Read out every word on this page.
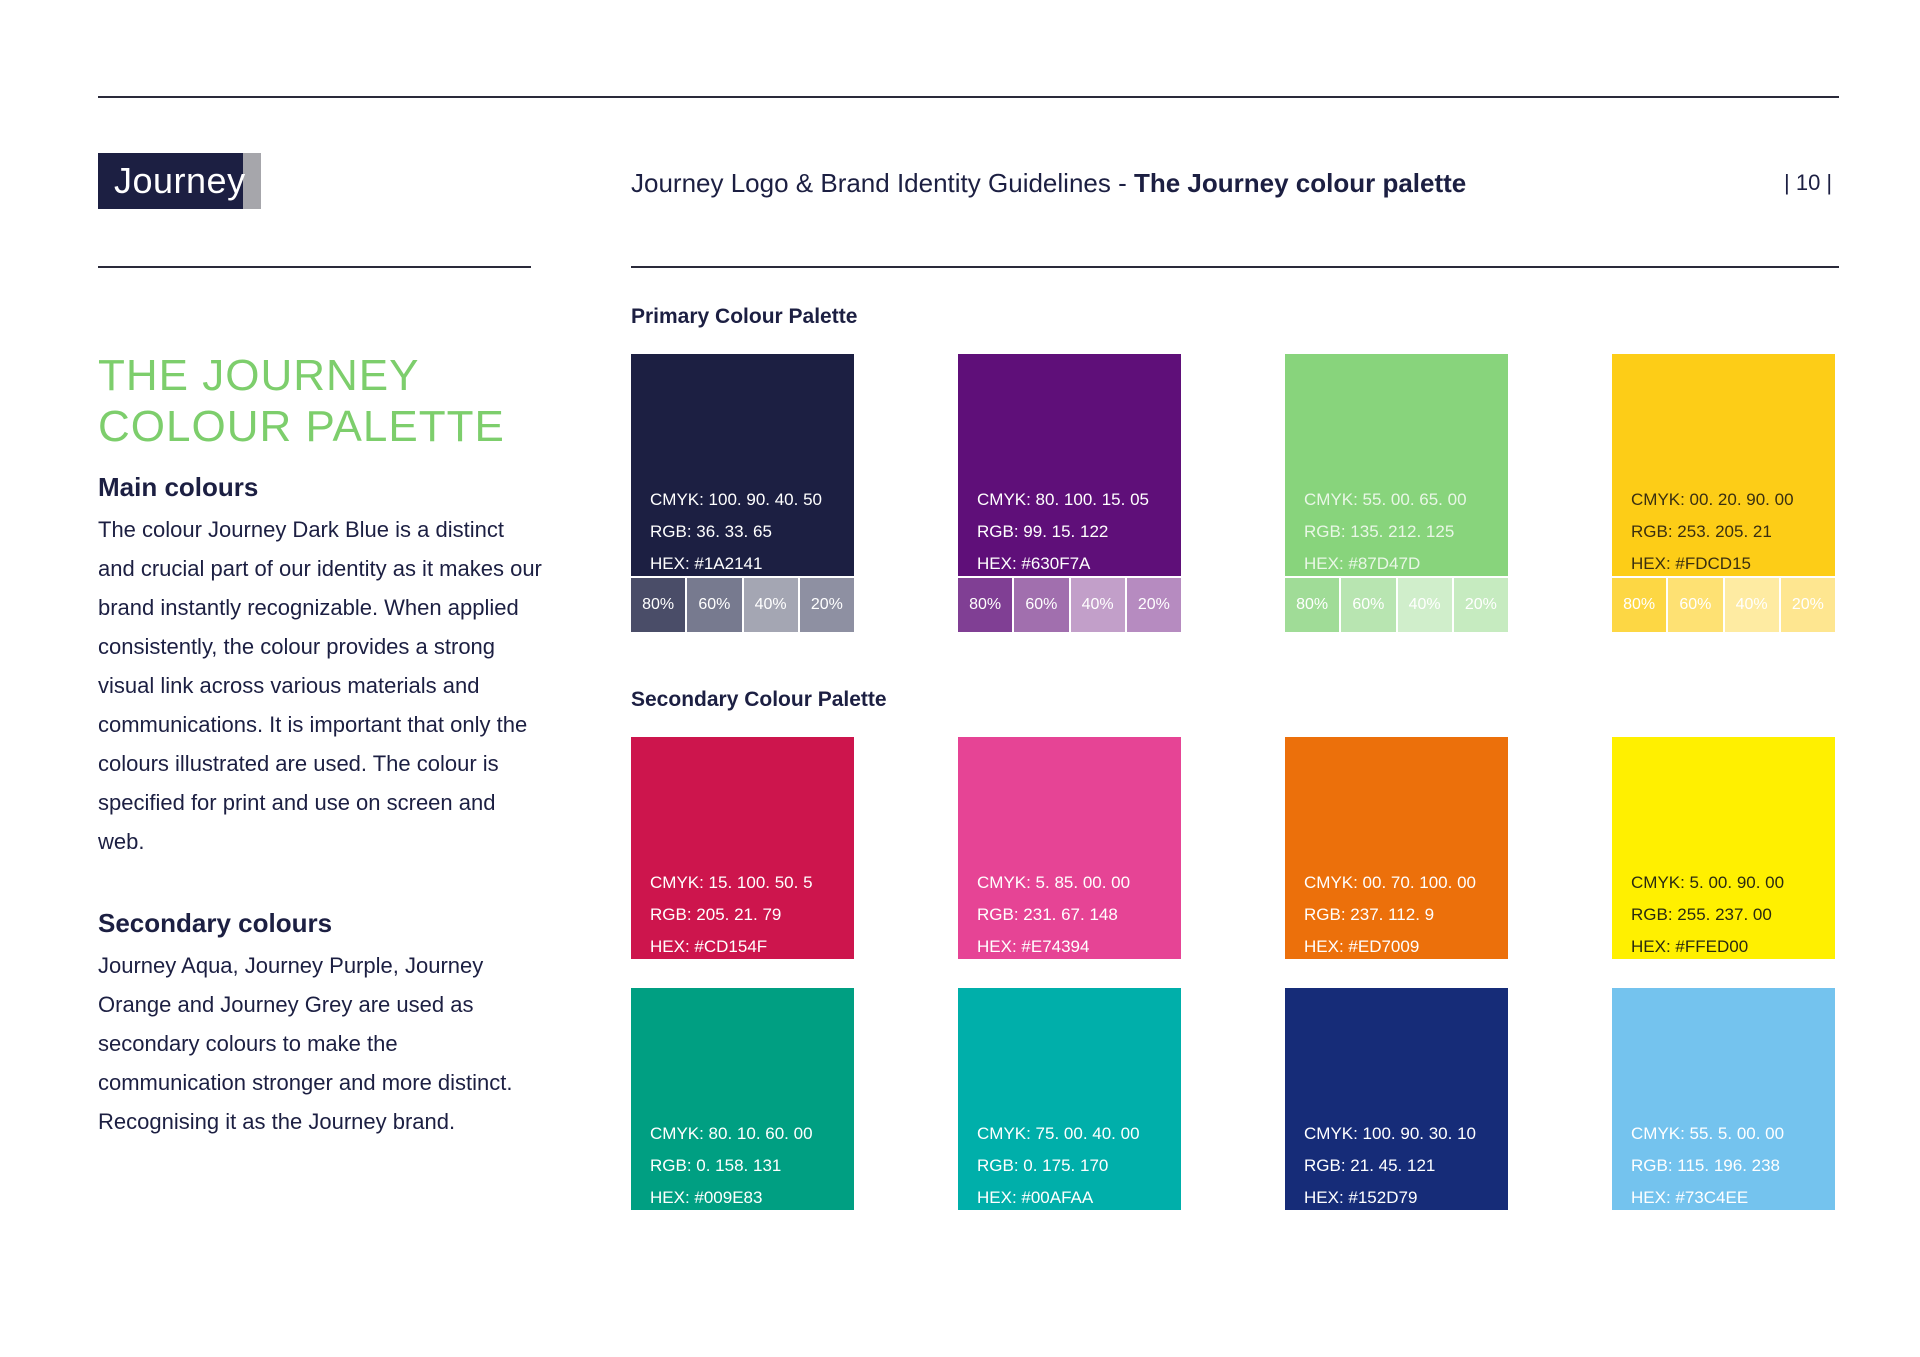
Journey	Journey Logo & Brand Identity Guidelines - The Journey colour palette	| 10 |
THE JOURNEY
COLOUR PALETTE
Main colours
The colour Journey Dark Blue is a distinct and crucial part of our identity as it makes our brand instantly recognizable. When applied consistently, the colour provides a strong visual link across various materials and communications. It is important that only the colours illustrated are used. The colour is specified for print and use on screen and web.
Secondary colours
Journey Aqua, Journey Purple, Journey Orange and Journey Grey are used as secondary colours to make the communication stronger and more distinct. Recognising it as the Journey brand.
Primary Colour Palette
Secondary Colour Palette
CMYK: 100. 90. 40. 50
RGB: 36. 33. 65
HEX: #1A2141
80%	60%	40%	20%
CMYK: 80. 100. 15. 05
RGB: 99. 15. 122
HEX: #630F7A
80%	60%	40%	20%
CMYK: 55. 00. 65. 00
RGB: 135. 212. 125
HEX: #87D47D
80%	60%	40%	20%
CMYK: 00. 20. 90. 00
RGB: 253. 205. 21
HEX: #FDCD15
80%	60%	40%	20%
CMYK: 15. 100. 50. 5
RGB: 205. 21. 79
HEX: #CD154F
CMYK: 5. 85. 00. 00
RGB: 231. 67. 148
HEX: #E74394
CMYK: 00. 70. 100. 00
RGB: 237. 112. 9
HEX: #ED7009
CMYK: 5. 00. 90. 00
RGB: 255. 237. 00
HEX: #FFED00
CMYK: 80. 10. 60. 00
RGB: 0. 158. 131
HEX: #009E83
CMYK: 75. 00. 40. 00
RGB: 0. 175. 170
HEX: #00AFAA
CMYK: 100. 90. 30. 10
RGB: 21. 45. 121
HEX: #152D79
CMYK: 55. 5. 00. 00
RGB: 115. 196. 238
HEX: #73C4EE
